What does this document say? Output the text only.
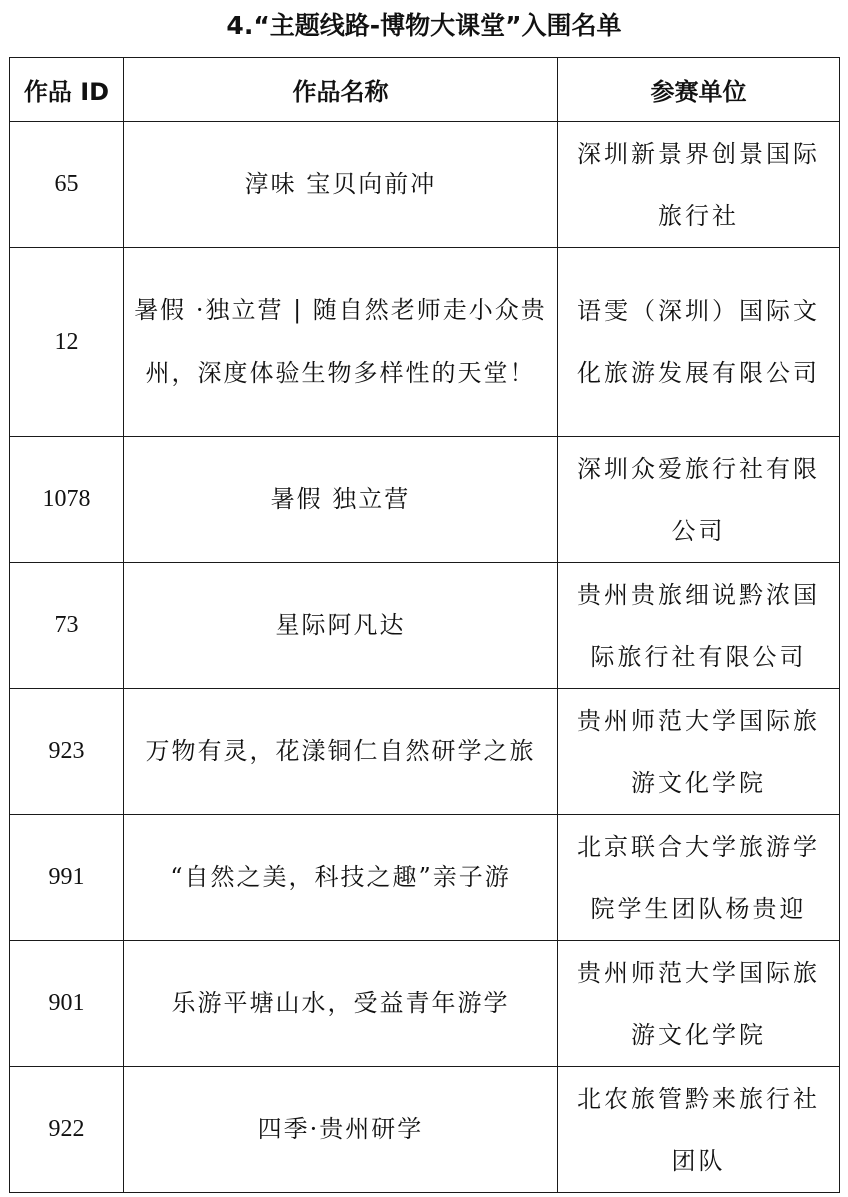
4.“主题线路-博物大课堂”入围名单
作品 ID	作品名称	参赛单位
65	淳味 宝贝向前冲	深圳新景界创景国际旅行社
12	暑假 ·独立营 | 随自然老师走小众贵州，深度体验生物多样性的天堂！	语雯（深圳）国际文化旅游发展有限公司
1078	暑假 独立营	深圳众爱旅行社有限公司
73	星际阿凡达	贵州贵旅细说黔浓国际旅行社有限公司
923	万物有灵，花漾铜仁自然研学之旅	贵州师范大学国际旅游文化学院
991	“自然之美，科技之趣”亲子游	北京联合大学旅游学院学生团队杨贵迎
901	乐游平塘山水，受益青年游学	贵州师范大学国际旅游文化学院
922	四季·贵州研学	北农旅管黔来旅行社团队
